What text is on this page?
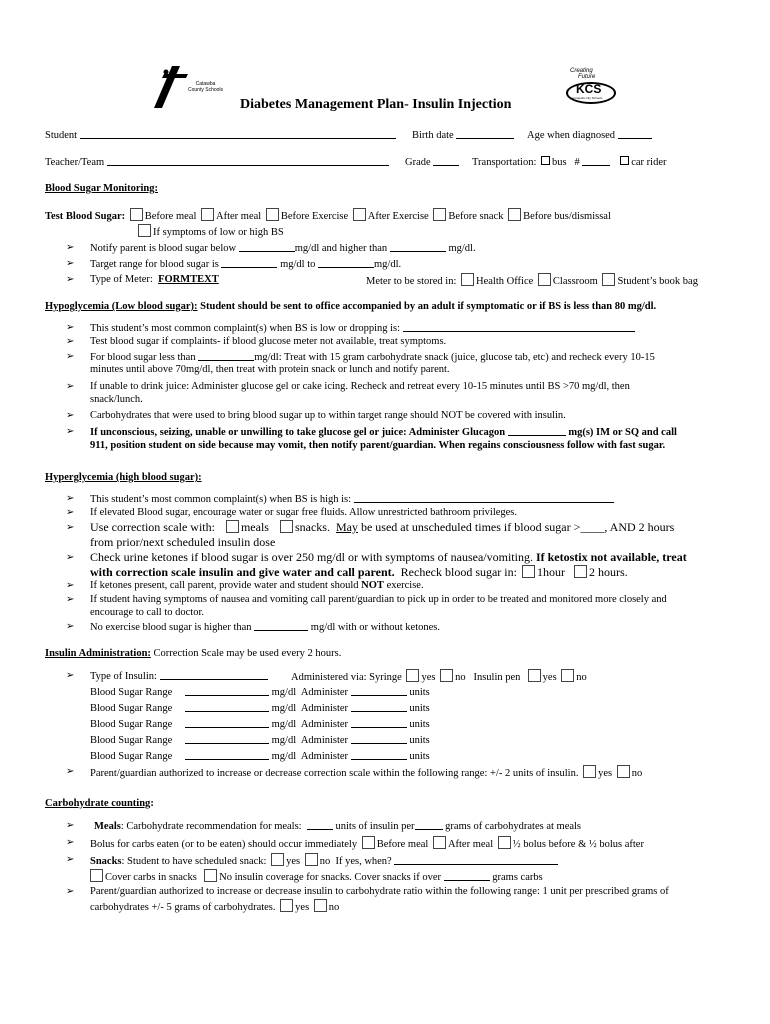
Catawba
County Schools
Creating
Future
KCS
Kannapolis City Schools
Diabetes Management Plan- Insulin Injection
Student	Birth date	Age when diagnosed
Teacher/Team	Grade	Transportation: bus #	car rider
Blood Sugar Monitoring:
Test Blood Sugar: Before meal After meal Before Exercise After Exercise Before snack Before bus/dismissal
If symptoms of low or high BS
➢ Notify parent is blood sugar below	mg/dl and higher than	mg/dl.
➢ Target range for blood sugar is	mg/dl to	mg/dl.
➢ Type of Meter: FORMTEXT	Meter to be stored in: Health Office Classroom Student’s book bag
Hypoglycemia (Low blood sugar): Student should be sent to office accompanied by an adult if symptomatic or if BS is less than 80 mg/dl.
➢ This student’s most common complaint(s) when BS is low or dropping is:
➢ Test blood sugar if complaints- if blood glucose meter not available, treat symptoms.
➢ For blood sugar less than	mg/dl: Treat with 15 gram carbohydrate snack (juice, glucose tab, etc) and recheck every 10-15
minutes until above 70mg/dl, then treat with protein snack or lunch and notify parent.
➢ If unable to drink juice: Administer glucose gel or cake icing. Recheck and retreat every 10-15 minutes until BS >70 mg/dl, then
snack/lunch.
➢ Carbohydrates that were used to bring blood sugar up to within target range should NOT be covered with insulin.
➢ If unconscious, seizing, unable or unwilling to take glucose gel or juice: Administer Glucagon	mg(s) IM or SQ and call
911, position student on side because may vomit, then notify parent/guardian. When regains consciousness follow with fast sugar.
Hyperglycemia (high blood sugar):
➢ This student’s most common complaint(s) when BS is high is:
➢ If elevated Blood sugar, encourage water or sugar free fluids. Allow unrestricted bathroom privileges.
➢ Use correction scale with: meals snacks. May be used at unscheduled times if blood sugar >____, AND 2 hours
from prior/next scheduled insulin dose
➢ Check urine ketones if blood sugar is over 250 mg/dl or with symptoms of nausea/vomiting. If ketostix not available, treat
with correction scale insulin and give water and call parent. Recheck blood sugar in: 1hour 2 hours.
➢ If ketones present, call parent, provide water and student should NOT exercise.
➢ If student having symptoms of nausea and vomiting call parent/guardian to pick up in order to be treated and monitored more closely and
encourage to call to doctor.
➢ No exercise blood sugar is higher than	mg/dl with or without ketones.
Insulin Administration: Correction Scale may be used every 2 hours.
➢ Type of Insulin:	Administered via: Syringe yes no Insulin pen yes no
Blood Sugar Range	mg/dl Administer	units
Blood Sugar Range	mg/dl Administer	units
Blood Sugar Range	mg/dl Administer	units
Blood Sugar Range	mg/dl Administer	units
Blood Sugar Range	mg/dl Administer	units
➢ Parent/guardian authorized to increase or decrease correction scale within the following range: +/- 2 units of insulin. yes no
Carbohydrate counting:
➢ Meals: Carbohydrate recommendation for meals:	units of insulin per	grams of carbohydrates at meals
➢ Bolus for carbs eaten (or to be eaten) should occur immediately Before meal After meal ½ bolus before & ½ bolus after
➢ Snacks: Student to have scheduled snack: yes no If yes, when?
Cover carbs in snacks No insulin coverage for snacks. Cover snacks if over	grams carbs
➢ Parent/guardian authorized to increase or decrease insulin to carbohydrate ratio within the following range: 1 unit per prescribed grams of
carbohydrates +/- 5 grams of carbohydrates. yes no
